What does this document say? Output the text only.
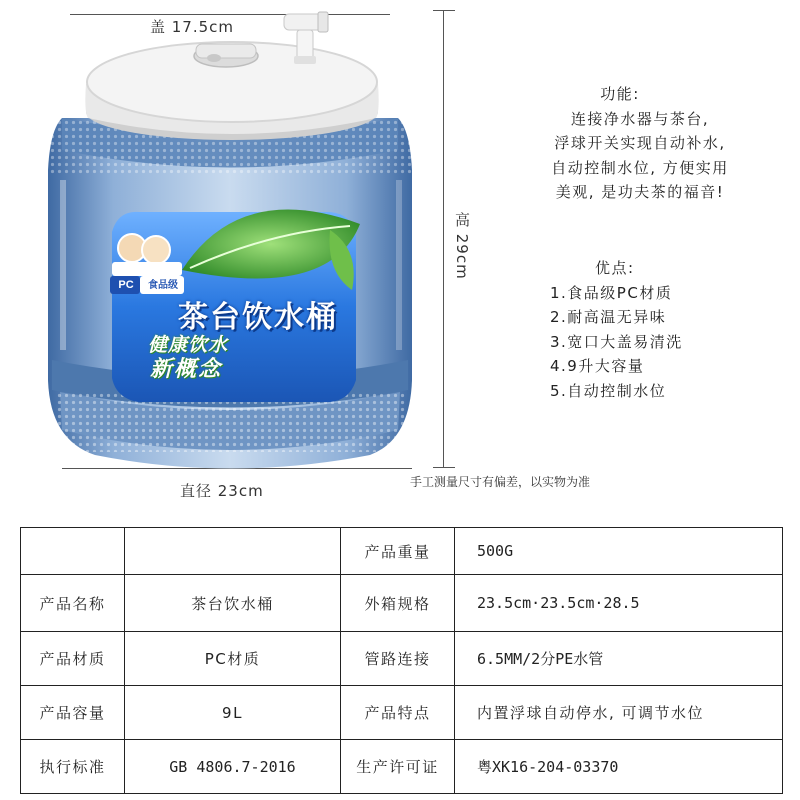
盖 17.5cm
高 29cm
直径 23cm	手工测量尺寸有偏差，以实物为准
PC	食品级
茶台饮水桶
健康饮水
新概念
功能:
连接净水器与茶台,
浮球开关实现自动补水,
自动控制水位, 方便实用
美观, 是功夫茶的福音!
优点:
1.食品级PC材质
2.耐高温无异味
3.宽口大盖易清洗
4.9升大容量
5.自动控制水位
		产品重量	500G
产品名称	茶台饮水桶	外箱规格	23.5cm·23.5cm·28.5
产品材质	PC材质	管路连接	6.5MM/2分PE水管
产品容量	9L	产品特点	内置浮球自动停水, 可调节水位
执行标准	GB 4806.7-2016	生产许可证	粤XK16-204-03370
